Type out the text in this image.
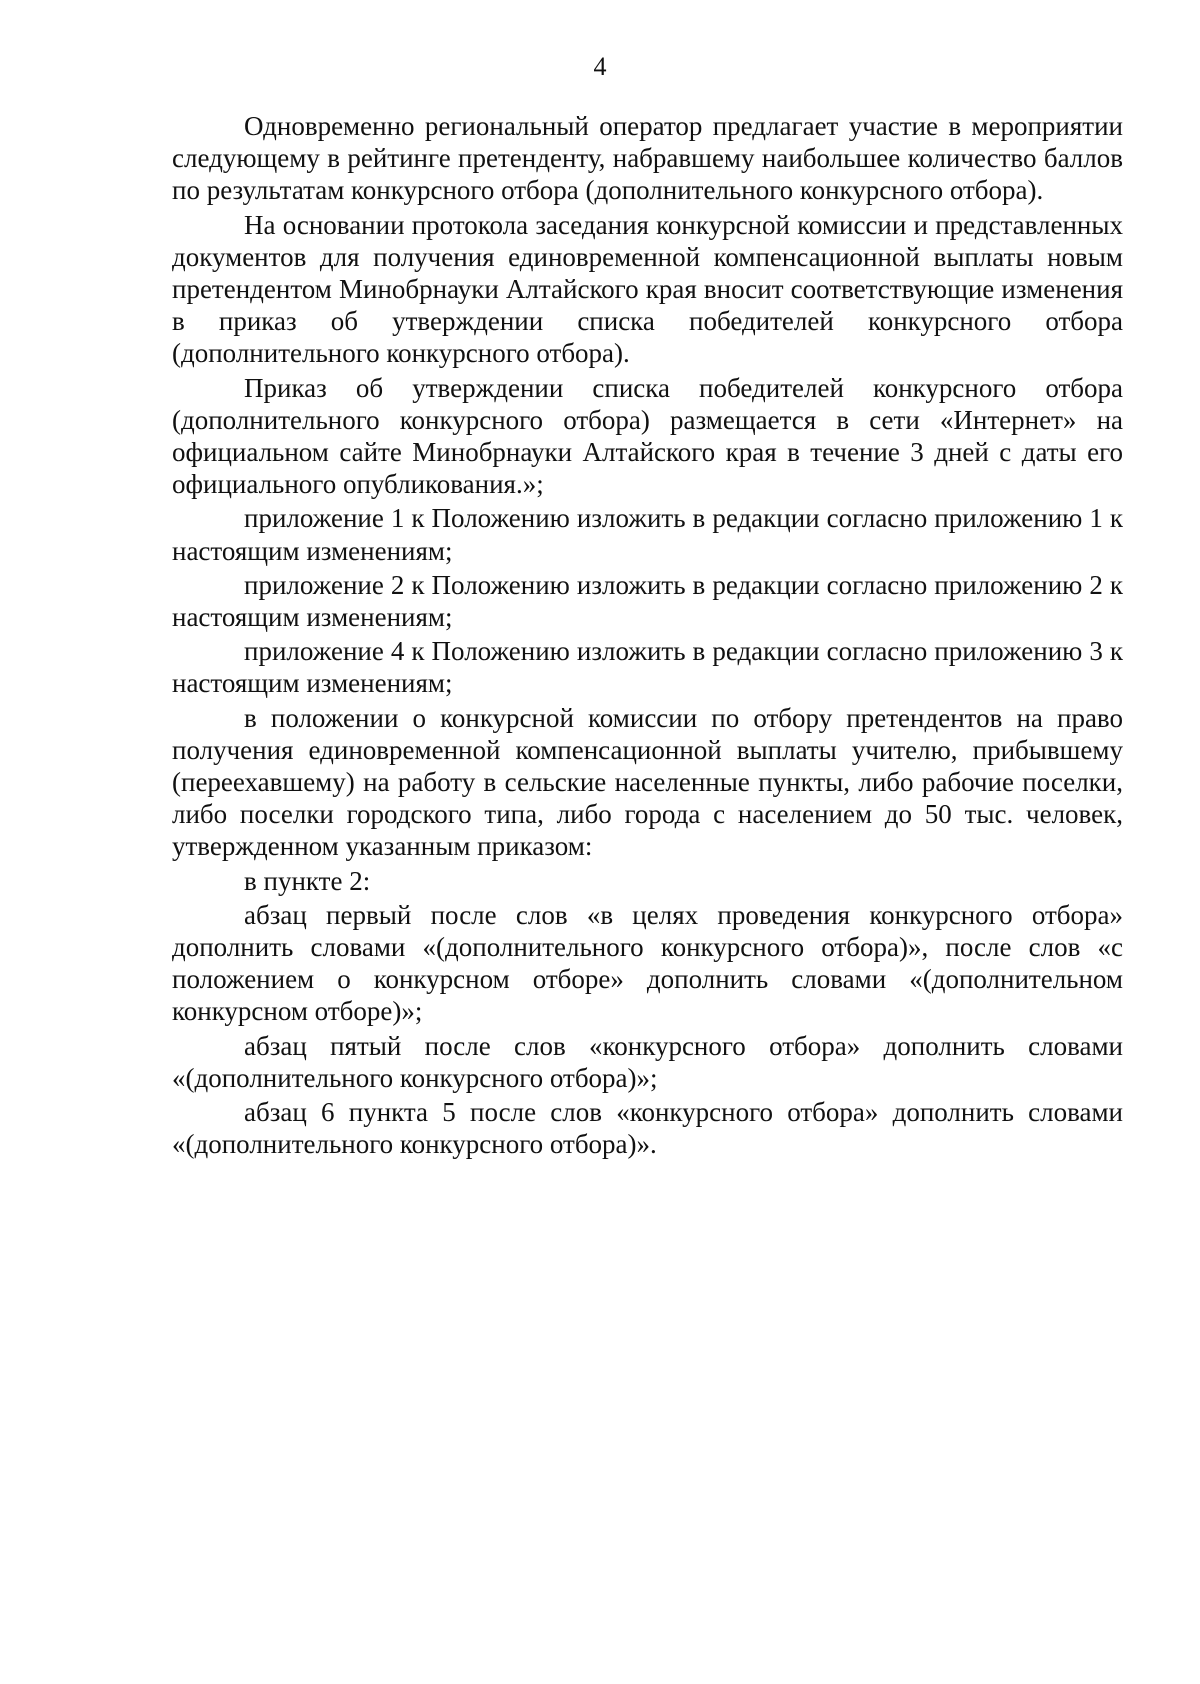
4

Одновременно региональный оператор предлагает участие в мероприятии следующему в рейтинге претенденту, набравшему наибольшее количество баллов по результатам конкурсного отбора (дополнительного конкурсного отбора).

На основании протокола заседания конкурсной комиссии и представленных документов для получения единовременной компенсационной выплаты новым претендентом Минобрнауки Алтайского края вносит соответствующие изменения в приказ об утверждении списка победителей конкурсного отбора (дополнительного конкурсного отбора).

Приказ об утверждении списка победителей конкурсного отбора (дополнительного конкурсного отбора) размещается в сети «Интернет» на официальном сайте Минобрнауки Алтайского края в течение 3 дней с даты его официального опубликования.»;

приложение 1 к Положению изложить в редакции согласно приложению 1 к настоящим изменениям;

приложение 2 к Положению изложить в редакции согласно приложению 2 к настоящим изменениям;

приложение 4 к Положению изложить в редакции согласно приложению 3 к настоящим изменениям;

в положении о конкурсной комиссии по отбору претендентов на право получения единовременной компенсационной выплаты учителю, прибывшему (переехавшему) на работу в сельские населенные пункты, либо рабочие поселки, либо поселки городского типа, либо города с населением до 50 тыс. человек, утвержденном указанным приказом:

в пункте 2:

абзац первый после слов «в целях проведения конкурсного отбора» дополнить словами «(дополнительного конкурсного отбора)», после слов «с положением о конкурсном отборе» дополнить словами «(дополнительном конкурсном отборе)»;

абзац пятый после слов «конкурсного отбора» дополнить словами «(дополнительного конкурсного отбора)»;

абзац 6 пункта 5 после слов «конкурсного отбора» дополнить словами «(дополнительного конкурсного отбора)».
